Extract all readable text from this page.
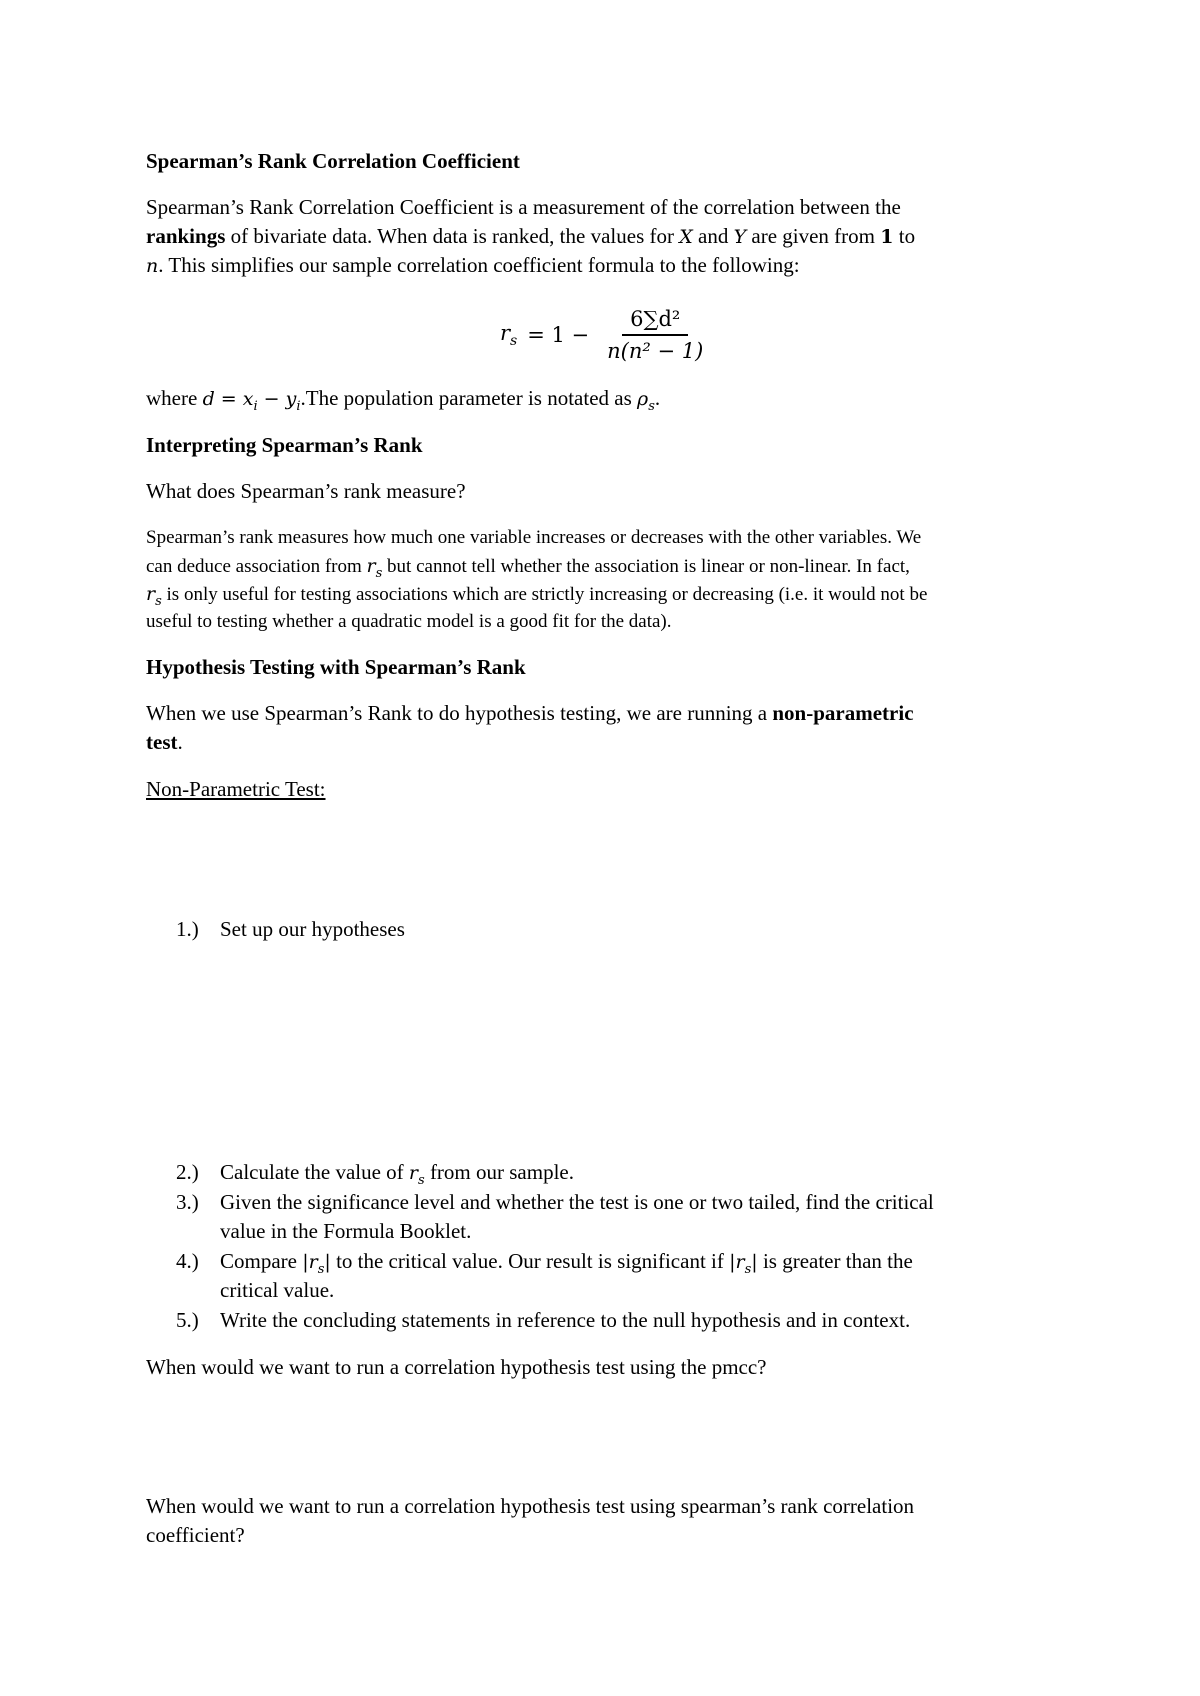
Spearman’s Rank Correlation Coefficient

Spearman’s Rank Correlation Coefficient is a measurement of the correlation between the

rankings of bivariate data. When data is ranked, the values for X and Y are given from 1 to

n. This simplifies our sample correlation coefficient formula to the following:

$r_s = 1 - \frac{\text{6∑d²}}{\text{n(n² − 1)}}$

where $d = x_i - y_i.The$ population parameter is notated as $\rho_s$.

Interpreting Spearman’s Rank

What does Spearman’s rank measure?

Spearman’s rank measures how much one variable increases or decreases with the other variables. We

can deduce association from $r_s$ but cannot tell whether the association is linear or non-linear. In fact,

$r_s$ is only useful for testing associations which are strictly increasing or decreasing (i.e. it would not be

useful to testing whether a quadratic model is a good fit for the data).

Hypothesis Testing with Spearman’s Rank

When we use Spearman’s Rank to do hypothesis testing, we are running a non-parametric

test.

Non-Parametric Test:

1.) Set up our hypotheses

2.) Calculate the value of $r_s$ from our sample.

3.) Given the significance level and whether the test is one or two tailed, find the critical

value in the Formula Booklet.

4.) Compare $|r_s|$ to the critical value. Our result is significant if $|r_s|$ is greater than the

critical value.

5.) Write the concluding statements in reference to the null hypothesis and in context.

When would we want to run a correlation hypothesis test using the pmcc?

When would we want to run a correlation hypothesis test using spearman’s rank correlation

coefficient?
